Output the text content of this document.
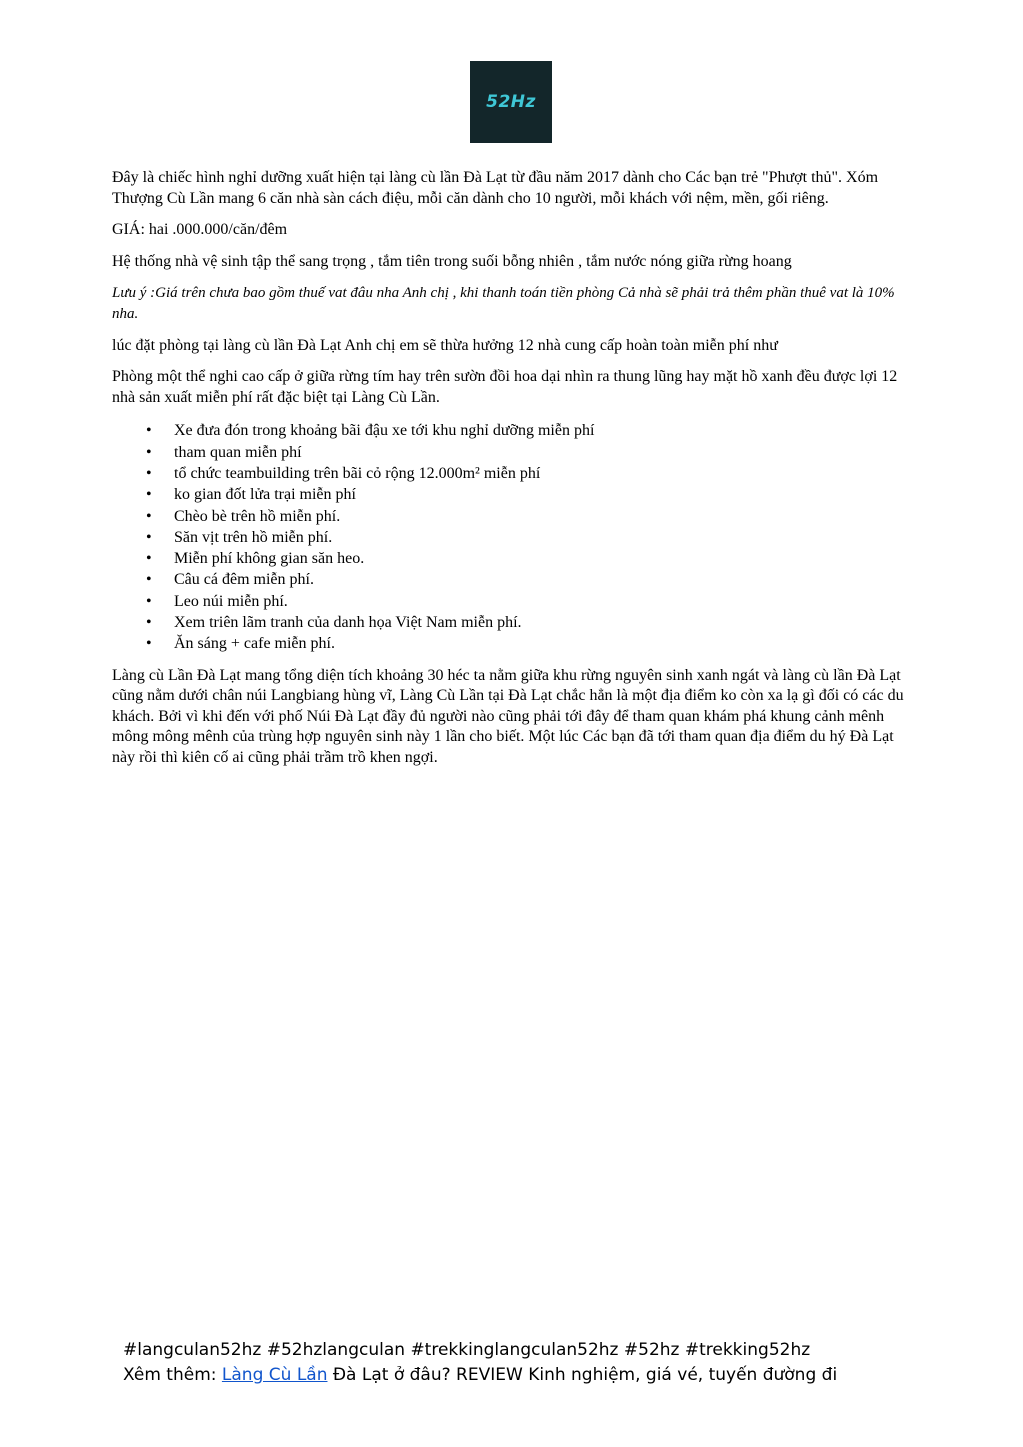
52Hz

Đây là chiếc hình nghỉ dưỡng xuất hiện tại làng cù lần Đà Lạt từ đầu năm 2017 dành cho Các bạn trẻ "Phượt thủ". Xóm Thượng Cù Lần mang 6 căn nhà sàn cách điệu, mỗi căn dành cho 10 người, mỗi khách với nệm, mền, gối riêng.

GIÁ: hai .000.000/căn/đêm

Hệ thống nhà vệ sinh tập thể sang trọng , tắm tiên trong suối bỗng nhiên , tắm nước nóng giữa rừng hoang

Lưu ý :Giá trên chưa bao gồm thuế vat đâu nha Anh chị , khi thanh toán tiền phòng Cả nhà sẽ phải trả thêm phần thuê vat là 10% nha.

lúc đặt phòng tại làng cù lần Đà Lạt Anh chị em sẽ thừa hưởng 12 nhà cung cấp hoàn toàn miễn phí như

Phòng một thể nghi cao cấp ở giữa rừng tím hay trên sườn đồi hoa dại nhìn ra thung lũng hay mặt hồ xanh đều được lợi 12 nhà sản xuất miễn phí rất đặc biệt tại Làng Cù Lần.

• Xe đưa đón trong khoảng bãi đậu xe tới khu nghỉ dưỡng miễn phí
• tham quan miễn phí
• tổ chức teambuilding trên bãi cỏ rộng 12.000m² miễn phí
• ko gian đốt lửa trại miễn phí
• Chèo bè trên hồ miễn phí.
• Săn vịt trên hồ miễn phí.
• Miễn phí không gian săn heo.
• Câu cá đêm miễn phí.
• Leo núi miễn phí.
• Xem triên lãm tranh của danh họa Việt Nam miễn phí.
• Ăn sáng + cafe miễn phí.

Làng cù Lần Đà Lạt mang tổng diện tích khoảng 30 héc ta nằm giữa khu rừng nguyên sinh xanh ngát và làng cù lần Đà Lạt cũng nằm dưới chân núi Langbiang hùng vĩ, Làng Cù Lần tại Đà Lạt chắc hẳn là một địa điểm ko còn xa lạ gì đối có các du khách. Bởi vì khi đến với phố Núi Đà Lạt đầy đủ người nào cũng phải tới đây để tham quan khám phá khung cảnh mênh mông mông mênh của trùng hợp nguyên sinh này 1 lần cho biết. Một lúc Các bạn đã tới tham quan địa điểm du hý Đà Lạt này rồi thì kiên cố ai cũng phải trầm trồ khen ngợi.

#langculan52hz #52hzlangculan #trekkinglangculan52hz #52hz #trekking52hz
Xêm thêm: Làng Cù Lần Đà Lạt ở đâu? REVIEW Kinh nghiệm, giá vé, tuyến đường đi
